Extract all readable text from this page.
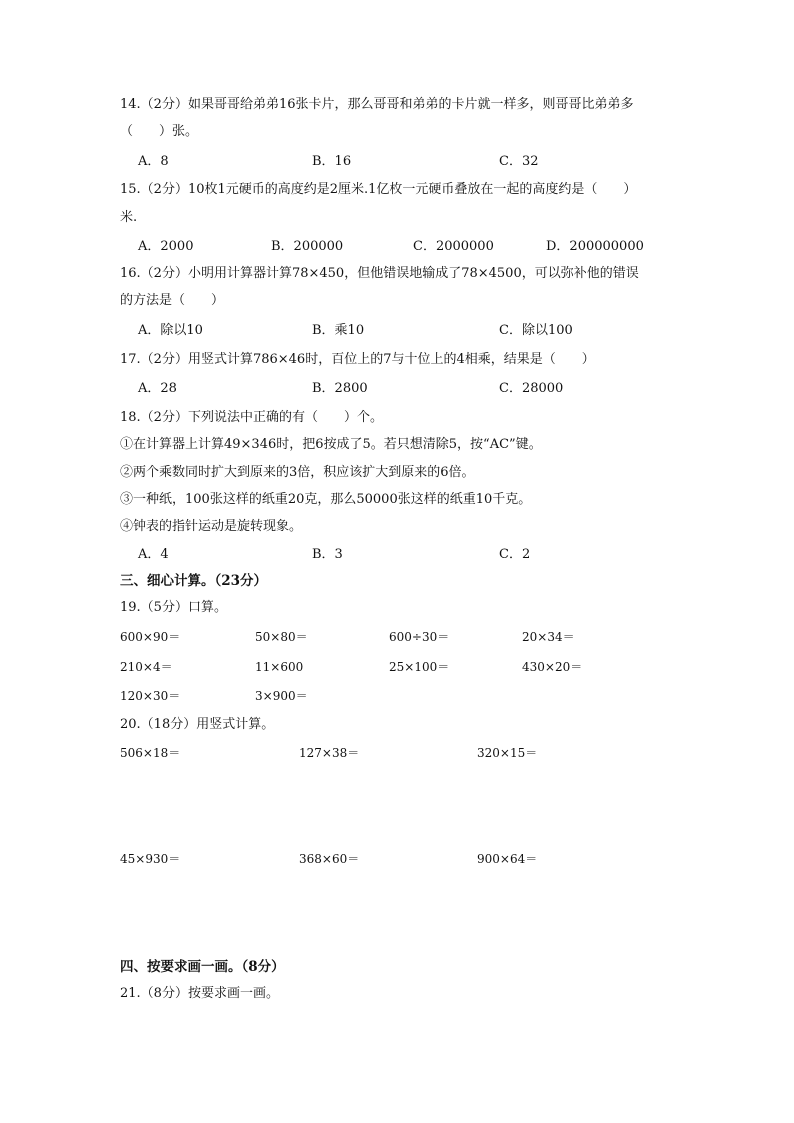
14.（2分）如果哥哥给弟弟16张卡片，那么哥哥和弟弟的卡片就一样多，则哥哥比弟弟多
（　　）张。
A．8	B．16	C．32
15.（2分）10枚1元硬币的高度约是2厘米.1亿枚一元硬币叠放在一起的高度约是（　　）
米.
A．2000	B．200000	C．2000000	D．200000000
16.（2分）小明用计算器计算78×450，但他错误地输成了78×4500，可以弥补他的错误
的方法是（　　）
A．除以10	B．乘10	C．除以100
17.（2分）用竖式计算786×46时，百位上的7与十位上的4相乘，结果是（　　）
A．28	B．2800	C．28000
18.（2分）下列说法中正确的有（　　）个。
①在计算器上计算49×346时，把6按成了5。若只想清除5，按“AC”键。
②两个乘数同时扩大到原来的3倍，积应该扩大到原来的6倍。
③一种纸，100张这样的纸重20克，那么50000张这样的纸重10千克。
④钟表的指针运动是旋转现象。
A．4	B．3	C．2
三、细心计算。（23分）
19.（5分）口算。
600×90＝	50×80＝	600÷30＝	20×34＝
210×4＝	11×600	25×100＝	430×20＝
120×30＝	3×900＝
20.（18分）用竖式计算。
506×18＝	127×38＝	320×15＝
45×930＝	368×60＝	900×64＝
四、按要求画一画。（8分）
21.（8分）按要求画一画。
